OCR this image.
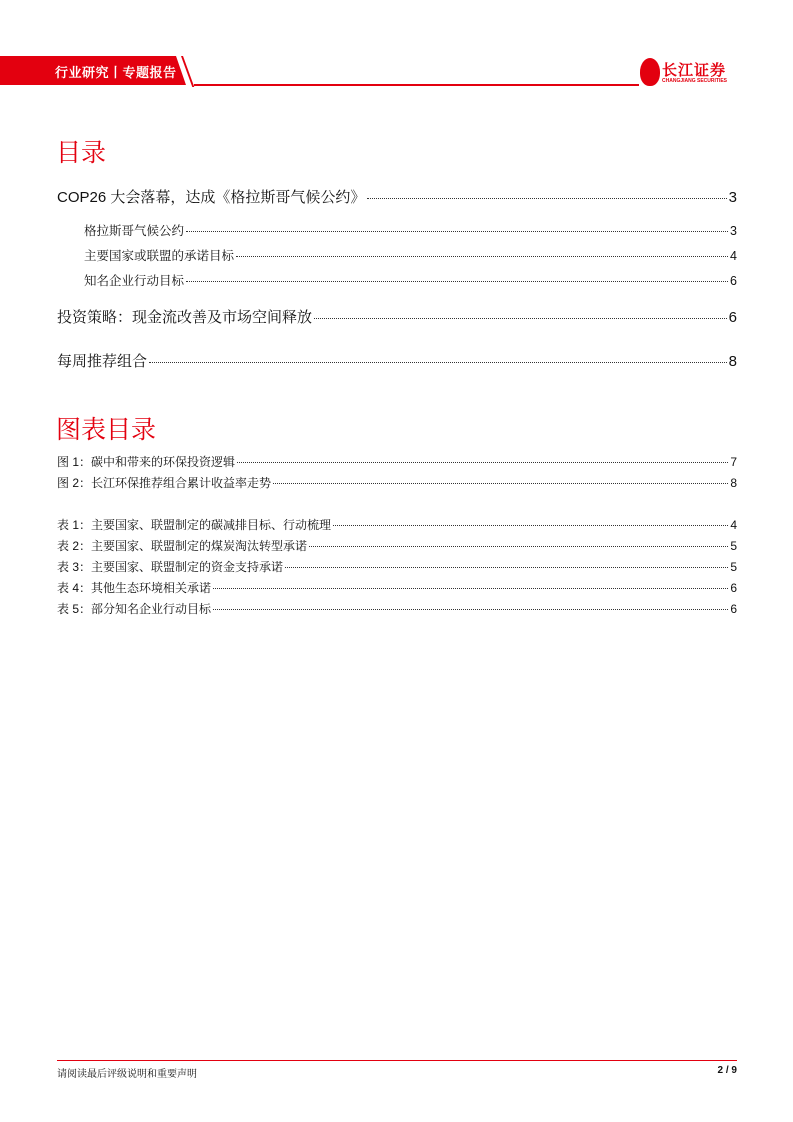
行业研究丨专题报告	长江证券
CHANGJIANG SECURITIES
目录
COP26 大会落幕，达成《格拉斯哥气候公约》	3
格拉斯哥气候公约	3
主要国家或联盟的承诺目标	4
知名企业行动目标	6
投资策略：现金流改善及市场空间释放	6
每周推荐组合	8
图表目录
图 1：碳中和带来的环保投资逻辑	7
图 2：长江环保推荐组合累计收益率走势	8
表 1：主要国家、联盟制定的碳减排目标、行动梳理	4
表 2：主要国家、联盟制定的煤炭淘汰转型承诺	5
表 3：主要国家、联盟制定的资金支持承诺	5
表 4：其他生态环境相关承诺	6
表 5：部分知名企业行动目标	6
请阅读最后评级说明和重要声明	2 / 9
